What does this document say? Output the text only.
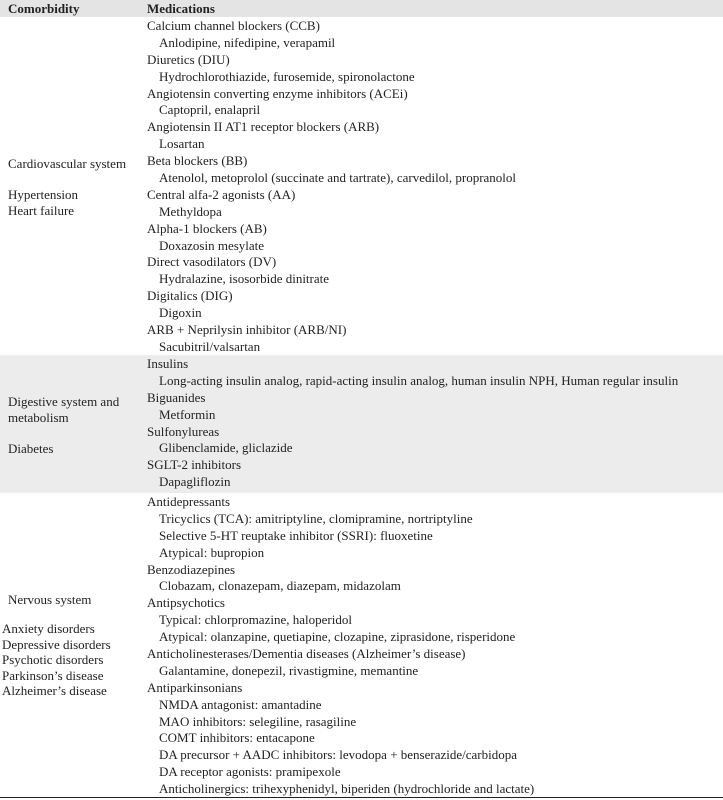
Comorbidity	Medications
Cardiovascular system
Hypertension
Heart failure
Calcium channel blockers (CCB)
Anlodipine, nifedipine, verapamil
Diuretics (DIU)
Hydrochlorothiazide, furosemide, spironolactone
Angiotensin converting enzyme inhibitors (ACEi)
Captopril, enalapril
Angiotensin II AT1 receptor blockers (ARB)
Losartan
Beta blockers (BB)
Atenolol, metoprolol (succinate and tartrate), carvedilol, propranolol
Central alfa-2 agonists (AA)
Methyldopa
Alpha-1 blockers (AB)
Doxazosin mesylate
Direct vasodilators (DV)
Hydralazine, isosorbide dinitrate
Digitalics (DIG)
Digoxin
ARB + Neprilysin inhibitor (ARB/NI)
Sacubitril/valsartan
Digestive system and metabolism
Diabetes
Insulins
Long-acting insulin analog, rapid-acting insulin analog, human insulin NPH, Human regular insulin
Biguanides
Metformin
Sulfonylureas
Glibenclamide, gliclazide
SGLT-2 inhibitors
Dapagliflozin
Nervous system
Anxiety disorders
Depressive disorders
Psychotic disorders
Parkinson’s disease
Alzheimer’s disease
Antidepressants
Tricyclics (TCA): amitriptyline, clomipramine, nortriptyline
Selective 5-HT reuptake inhibitor (SSRI): fluoxetine
Atypical: bupropion
Benzodiazepines
Clobazam, clonazepam, diazepam, midazolam
Antipsychotics
Typical: chlorpromazine, haloperidol
Atypical: olanzapine, quetiapine, clozapine, ziprasidone, risperidone
Anticholinesterases/Dementia diseases (Alzheimer’s disease)
Galantamine, donepezil, rivastigmine, memantine
Antiparkinsonians
NMDA antagonist: amantadine
MAO inhibitors: selegiline, rasagiline
COMT inhibitors: entacapone
DA precursor + AADC inhibitors: levodopa + benserazide/carbidopa
DA receptor agonists: pramipexole
Anticholinergics: trihexyphenidyl, biperiden (hydrochloride and lactate)
